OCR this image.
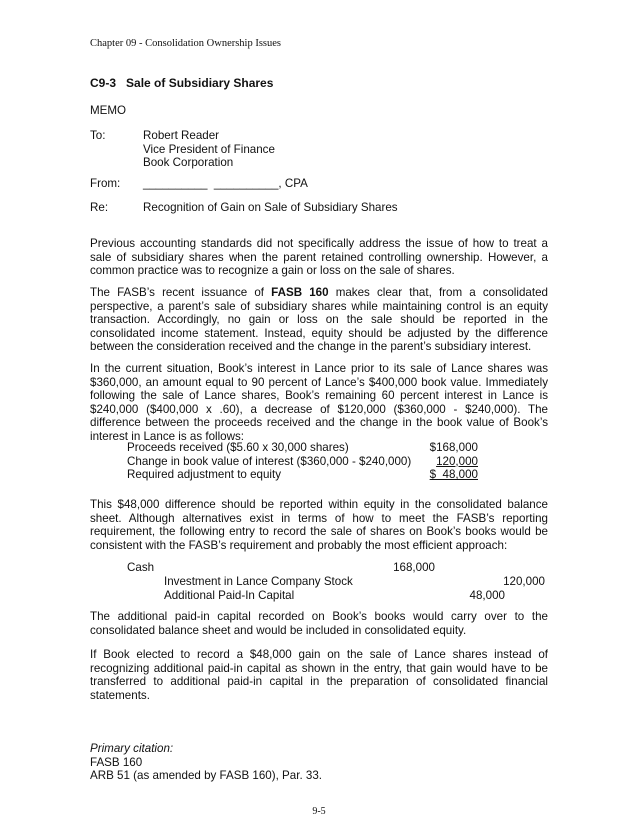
Chapter 09 - Consolidation Ownership Issues
C9-3   Sale of Subsidiary Shares
MEMO
To:	Robert Reader
Vice President of Finance
Book Corporation
From: __________  __________, CPA
Re:	Recognition of Gain on Sale of Subsidiary Shares
Previous accounting standards did not specifically address the issue of how to treat a sale of subsidiary shares when the parent retained controlling ownership. However, a common practice was to recognize a gain or loss on the sale of shares.
The FASB’s recent issuance of FASB 160 makes clear that, from a consolidated perspective, a parent’s sale of subsidiary shares while maintaining control is an equity transaction. Accordingly, no gain or loss on the sale should be reported in the consolidated income statement. Instead, equity should be adjusted by the difference between the consideration received and the change in the parent’s subsidiary interest.
In the current situation, Book’s interest in Lance prior to its sale of Lance shares was $360,000, an amount equal to 90 percent of Lance’s $400,000 book value. Immediately following the sale of Lance shares, Book’s remaining 60 percent interest in Lance is $240,000 ($400,000 x .60), a decrease of $120,000 ($360,000 - $240,000). The difference between the proceeds received and the change in the book value of Book’s interest in Lance is as follows:
Proceeds received ($5.60 x 30,000 shares)	$168,000
Change in book value of interest ($360,000 - $240,000)	120,000
Required adjustment to equity	$  48,000
This $48,000 difference should be reported within equity in the consolidated balance sheet. Although alternatives exist in terms of how to meet the FASB’s reporting requirement, the following entry to record the sale of shares on Book’s books would be consistent with the FASB’s requirement and probably the most efficient approach:
Cash	168,000
Investment in Lance Company Stock	120,000
Additional Paid-In Capital	48,000
The additional paid-in capital recorded on Book’s books would carry over to the consolidated balance sheet and would be included in consolidated equity.
If Book elected to record a $48,000 gain on the sale of Lance shares instead of recognizing additional paid-in capital as shown in the entry, that gain would have to be transferred to additional paid-in capital in the preparation of consolidated financial statements.
Primary citation:
FASB 160
ARB 51 (as amended by FASB 160), Par. 33.
9-5
